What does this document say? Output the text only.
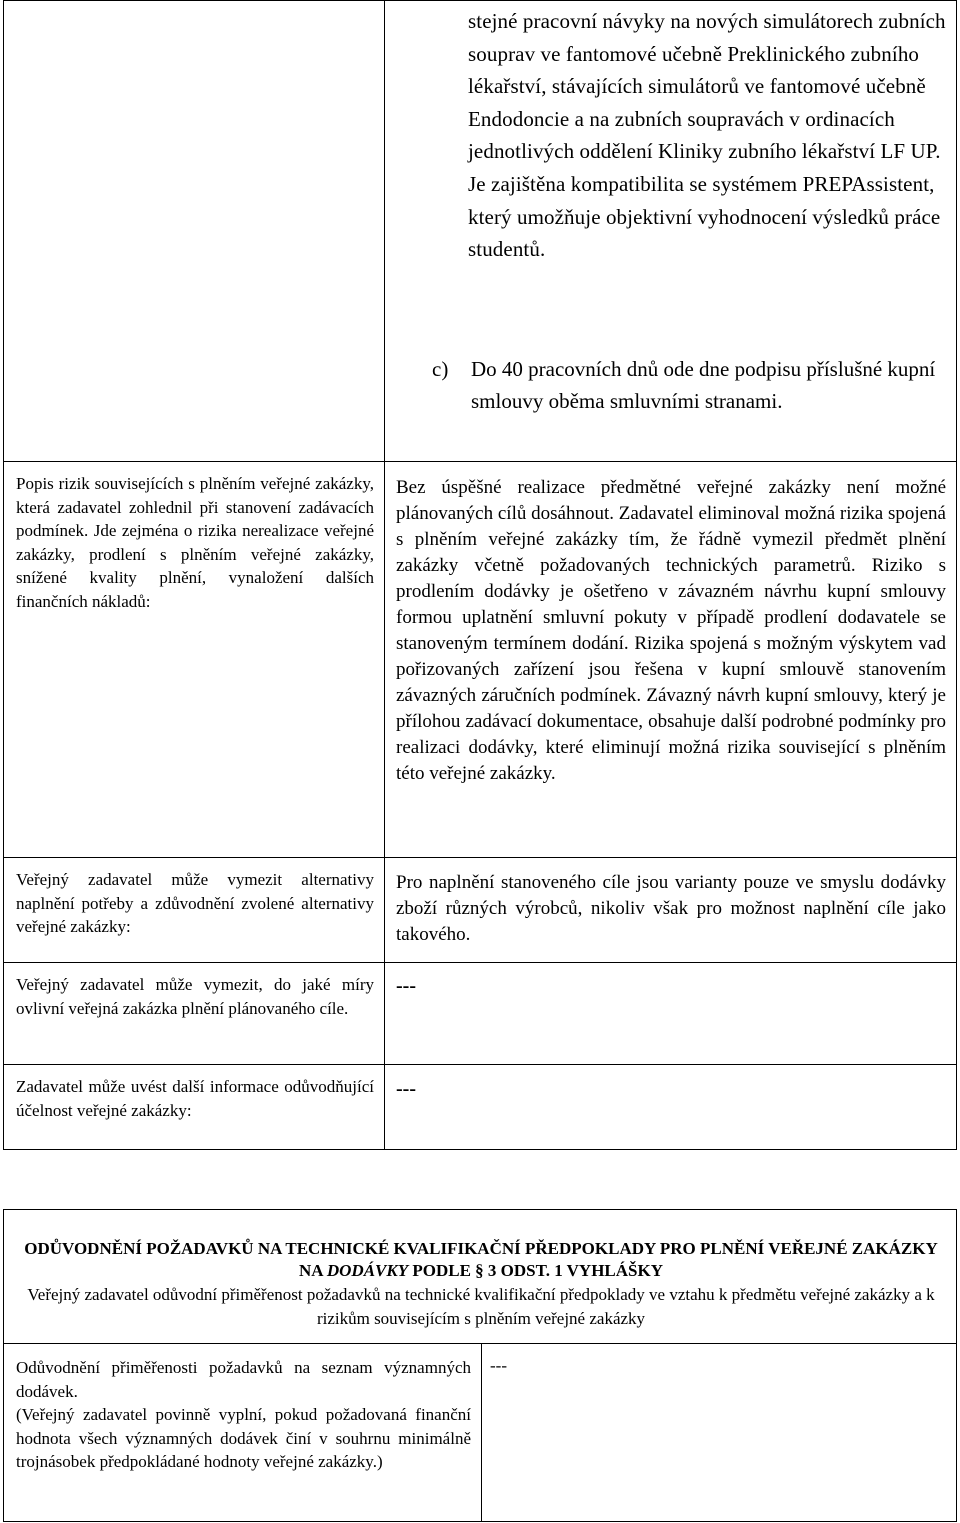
stejné pracovní návyky na nových simulátorech zubních souprav ve fantomové učebně Preklinického zubního lékařství, stávajících simulátorů ve fantomové učebně Endodoncie a na zubních soupravách v ordinacích jednotlivých oddělení Kliniky zubního lékařství LF UP. Je zajištěna kompatibilita se systémem PREPAssistent, který umožňuje objektivní vyhodnocení výsledků práce studentů.
c) Do 40 pracovních dnů ode dne podpisu příslušné kupní smlouvy oběma smluvními stranami.
Popis rizik souvisejících s plněním veřejné zakázky, která zadavatel zohlednil při stanovení zadávacích podmínek. Jde zejména o rizika nerealizace veřejné zakázky, prodlení s plněním veřejné zakázky, snížené kvality plnění, vynaložení dalších finančních nákladů:
Bez úspěšné realizace předmětné veřejné zakázky není možné plánovaných cílů dosáhnout. Zadavatel eliminoval možná rizika spojená s plněním veřejné zakázky tím, že řádně vymezil předmět plnění zakázky včetně požadovaných technických parametrů. Riziko s prodlením dodávky je ošetřeno v závazném návrhu kupní smlouvy formou uplatnění smluvní pokuty v případě prodlení dodavatele se stanoveným termínem dodání. Rizika spojená s možným výskytem vad pořizovaných zařízení jsou řešena v kupní smlouvě stanovením závazných záručních podmínek. Závazný návrh kupní smlouvy, který je přílohou zadávací dokumentace, obsahuje další podrobné podmínky pro realizaci dodávky, které eliminují možná rizika související s plněním této veřejné zakázky.
Veřejný zadavatel může vymezit alternativy naplnění potřeby a zdůvodnění zvolené alternativy veřejné zakázky:
Pro naplnění stanoveného cíle jsou varianty pouze ve smyslu dodávky zboží různých výrobců, nikoliv však pro možnost naplnění cíle jako takového.
Veřejný zadavatel může vymezit, do jaké míry ovlivní veřejná zakázka plnění plánovaného cíle.
---
Zadavatel může uvést další informace odůvodňující účelnost veřejné zakázky:
---
ODŮVODNĚNÍ POŽADAVKŮ NA TECHNICKÉ KVALIFIKAČNÍ PŘEDPOKLADY PRO PLNĚNÍ VEŘEJNÉ ZAKÁZKY NA DODÁVKY PODLE § 3 ODST. 1 VYHLÁŠKY
Veřejný zadavatel odůvodní přiměřenost požadavků na technické kvalifikační předpoklady ve vztahu k předmětu veřejné zakázky a k rizikům souvisejícím s plněním veřejné zakázky
Odůvodnění přiměřenosti požadavků na seznam významných dodávek.
(Veřejný zadavatel povinně vyplní, pokud požadovaná finanční hodnota všech významných dodávek činí v souhrnu minimálně trojnásobek předpokládané hodnoty veřejné zakázky.)
---
